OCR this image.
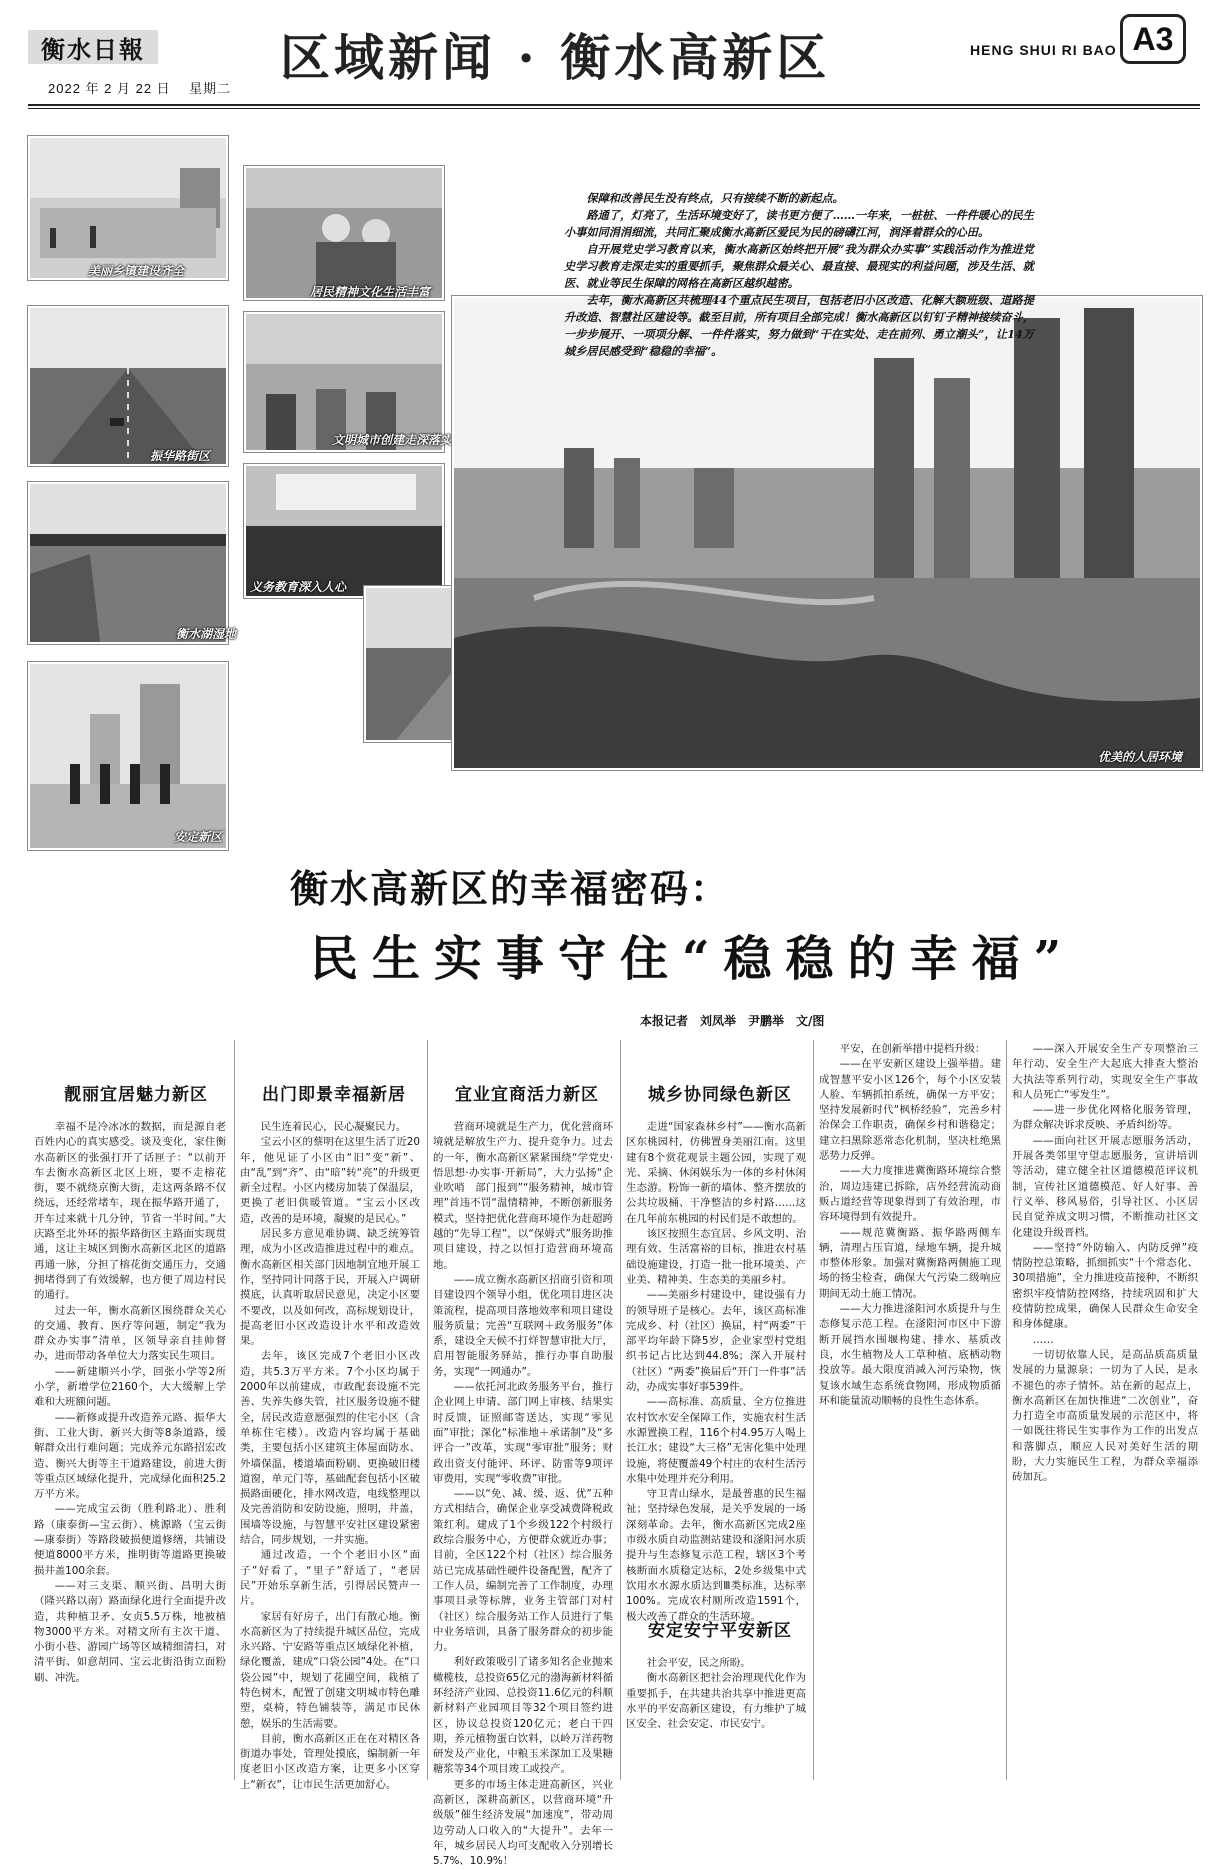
衡水日報
2022 年 2 月 22 日 星期二
区域新闻 · 衡水高新区	HENG SHUI RI BAO A3
美丽乡镇建设齐全
居民精神文化生活丰富
振华路街区
文明城市创建走深落实
衡水湖湿地
义务教育深入人心
优美的人居环境
安定新区

保障和改善民生没有终点，只有接续不断的新起点。

路通了，灯亮了，生活环境变好了，读书更方便了……一年来，一桩桩、一件件暖心的民生小事如同涓涓细流，共同汇聚成衡水高新区爱民为民的磅礴江河，润泽着群众的心田。

自开展党史学习教育以来，衡水高新区始终把开展“我为群众办实事”实践活动作为推进党史学习教育走深走实的重要抓手，聚焦群众最关心、最直接、最现实的利益问题，涉及生活、就医、就业等民生保障的网格在高新区越织越密。

去年，衡水高新区共梳理44个重点民生项目，包括老旧小区改造、化解大额班级、道路提升改造、智慧社区建设等。截至目前，所有项目全部完成！衡水高新区以钉钉子精神接续奋斗，一步步展开、一项项分解、一件件落实，努力做到“干在实处、走在前列、勇立潮头”，让14万城乡居民感受到“稳稳的幸福”。

衡水高新区的幸福密码：
民生实事守住“稳稳的幸福”
本报记者　刘凤举　尹鹏举　文/图
靓丽宜居魅力新区	出门即景幸福新居	宜业宜商活力新区	城乡协同绿色新区
安定安宁平安新区

幸福不是冷冰冰的数据，而是源自老百姓内心的真实感受。谈及变化，家住衡水高新区的张强打开了话匣子：“以前开车去衡水高新区北区上班，要不走榕花街，要不就绕京衡大街，走这两条路不仅绕远，还经常堵车，现在振华路开通了，开车过来就十几分钟，节省一半时间。”大庆路至北外环的振华路街区主路面实现贯通，这让主城区到衡水高新区北区的道路再通一脉，分担了榕花街交通压力，交通拥堵得到了有效缓解，也方便了周边村民的通行。

过去一年，衡水高新区围绕群众关心的交通、教育、医疗等问题，制定“我为群众办实事”清单，区领导亲自挂帅督办，进而带动各单位大力落实民生项目。

——新建顺兴小学，回张小学等2所小学，新增学位2160个，大大缓解上学难和大班额问题。

——新修或提升改造养元路、振华大街、工业大街、新兴大街等8条道路，缓解群众出行难问题；完成养元东路招宏改造、衡兴大街等主干道路建设，前进大街等重点区域绿化提升，完成绿化面积25.2万平方米。

——完成宝云街（胜利路北）、胜利路（康泰街—宝云街）、桃源路（宝云街—康泰街）等路段破损便道修缮，共铺设便道8000平方米，推明街等道路更换破损井盖100余套。

——对三支渠、顺兴街、昌明大街（隆兴路以南）路面绿化进行全面提升改造，共种植卫矛、女贞5.5万株，地被植物3000平方米。对精文所有主次干道、小街小巷、游园广场等区域精细清扫，对清平街、如意胡同、宝云北街沿街立面粉刷、冲洗。

民生连着民心，民心凝聚民力。

宝云小区的蔡明在这里生活了近20年，他见证了小区由“旧”变“新”、由“乱”到“齐”、由“暗”转“亮”的升级更新全过程。小区内楼房加装了保温层，更换了老旧供暖管道。“宝云小区改造，改善的是环境，凝聚的是民心。”

居民多方意见难协调、缺乏统筹管理，成为小区改造推进过程中的难点。衡水高新区相关部门因地制宜地开展工作，坚持同计同落于民，开展入户调研摸底，认真听取居民意见，决定小区要不要改，以及如何改，高标规划设计，提高老旧小区改造设计水平和改造效果。

去年，该区完成7个老旧小区改造，共5.3万平方米。7个小区均属于2000年以前建成，市政配套设施不完善、失养失修失管，社区服务设施不健全，居民改造意愿强烈的住宅小区（含单栋住宅楼）。改造内容均属于基础类，主要包括小区建筑主体屋面防水、外墙保温，楼道墙面粉刷、更换破旧楼道窗，单元门等，基础配套包括小区破损路面硬化，排水网改造，电线整理以及完善消防和安防设施，照明，井盖，围墙等设施，与智慧平安社区建设紧密结合，同步规划，一并实施。

通过改造，一个个老旧小区“面子”好看了，“里子”舒适了，“老居民”开始乐享新生活，引得居民赞声一片。

家居有好房子，出门有散心地。衡水高新区为了持续提升城区品位，完成永兴路、宁安路等重点区域绿化补植，绿化覆盖，建成“口袋公园”4处。在“口袋公园”中，规划了花圃空间，栽植了特色树木，配置了创建文明城市特色雕塑，桌椅，特色铺装等，满足市民休憩，娱乐的生活需要。

目前，衡水高新区正在在对精区各街道办事处，管理处摸底，编制新一年度老旧小区改造方案，让更多小区穿上“新衣”，让市民生活更加舒心。

营商环境就是生产力，优化营商环境就是解放生产力、提升竞争力。过去的一年，衡水高新区紧紧围绕“学党史·悟思想·办实事·开新局”，大力弘扬“企业吹哨　部门报到”“服务精神，城市管理”首违不罚“温情精神，不断创新服务模式，坚持把优化营商环境作为赶超跨越的“先导工程”，以“保姆式”服务助推项目建设，持之以恒打造营商环境高地。

——成立衡水高新区招商引资和项目建设四个领导小组，优化项目进区决策流程，提高项目落地效率和项目建设服务质量；完善“互联网＋政务服务”体系，建设全天候不打烊智慧审批大厅，启用智能服务驿站，推行办事自助服务，实现“一网通办”。

——依托河北政务服务平台，推行企业网上申请、部门网上审核、结果实时反馈，证照邮寄送达，实现“零见面”审批；深化“标准地＋承诺制”及“多评合一”改革，实现“零审批”服务；财政出资支付能评、环评、防雷等9项评审费用，实现“零收费”审批。

——以“免、减、缓、返、优”五种方式相结合，确保企业享受减费降税政策红利。建成了1个乡级122个村级行政综合服务中心，方便群众就近办事；目前，全区122个村（社区）综合服务站已完成基础性硬件设备配置，配齐了工作人员，编制完善了工作制度，办理事项目录等标牌，业务主管部门对村（社区）综合服务站工作人员进行了集中业务培训，具备了服务群众的初步能力。

利好政策吸引了诸多知名企业抛来橄榄枝，总投资65亿元的渤海新材料循环经济产业园、总投资11.6亿元的科顺新材料产业园项目等32个项目签约进区，协议总投资120亿元；老白干四期，养元植物蛋白饮料，以岭万洋药物研发及产业化，中粮玉米深加工及果糖糖浆等34个项目竣工或投产。

更多的市场主体走进高新区，兴业高新区，深耕高新区，以营商环境“升级版”催生经济发展“加速度”，带动周边劳动人口收入的“大提升”。去年一年，城乡居民人均可支配收入分别增长5.7%、10.9%！

走进“国家森林乡村”——衡水高新区东桃园村，仿佛置身美丽江南。这里建有8个赏花观景主题公园，实现了观光、采摘、休闲娱乐为一体的乡村休闲生态游。粉饰一新的墙体、整齐摆放的公共垃圾桶、干净整洁的乡村路……这在几年前东桃园的村民们是不敢想的。

该区按照生态宜居、乡风文明、治理有效、生活富裕的目标，推进农村基础设施建设，打造一批一批环境美、产业美、精神美、生态美的美丽乡村。

——美丽乡村建设中，建设强有力的领导班子是核心。去年，该区高标准完成乡、村（社区）换届，村“两委”干部平均年龄下降5岁，企业家型村党组织书记占比达到44.8%；深入开展村（社区）“两委”换届后“开门一件事”活动，办成实事好事539件。

——高标准、高质量、全方位推进农村饮水安全保障工作，实施农村生活水源置换工程，116个村4.95万人喝上长江水；建设“大三格”无害化集中处理设施，将使覆盖49个村庄的农村生活污水集中处理并充分利用。

守卫青山绿水，是最普惠的民生福祉；坚持绿色发展，是关乎发展的一场深刻革命。去年，衡水高新区完成2座市级水质自动监测站建设和滏阳河水质提升与生态修复示范工程，辖区3个考核断面水质稳定达标，2处乡级集中式饮用水水源水质达到Ⅲ类标准，达标率100%。完成农村厕所改造1591个，极大改善了群众的生活环境。

社会平安，民之所盼。

衡水高新区把社会治理现代化作为重要抓手，在共建共治共享中推进更高水平的平安高新区建设，有力维护了城区安全、社会安定、市民安宁。

平安，在创新举措中提档升级：

——在平安新区建设上强举措。建成智慧平安小区126个，每个小区安装人脸、车辆抓拍系统，确保一方平安；坚持发展新时代“枫桥经验”，完善乡村治保会工作职责，确保乡村和谐稳定；建立扫黑除恶常态化机制，坚决杜绝黑恶势力反弹。

——大力度推进冀衡路环境综合整治，周边违建已拆除，店外经营流动商贩占道经营等现象得到了有效治理，市容环境得到有效提升。

——规范冀衡路、振华路两侧车辆，清理占压盲道，绿地车辆，提升城市整体形象。加强对冀衡路两侧施工现场的扬尘检查，确保大气污染二级响应期间无动土施工情况。

——大力推进滏阳河水质提升与生态修复示范工程。在滏阳河市区中下游断开展挡水围堰构建、排水、基质改良，水生植物及人工草种植、底栖动物投放等。最大限度消减入河污染物，恢复该水域生态系统食物网，形成物质循环和能量流动顺畅的良性生态体系。

——深入开展安全生产专项整治三年行动、安全生产大起底大排查大整治大执法等系列行动，实现安全生产事故和人员死亡“零发生”。

——进一步优化网格化服务管理，为群众解决诉求反映、矛盾纠纷等。

——面向社区开展志愿服务活动，开展各类邻里守望志愿服务，宣讲培训等活动，建立健全社区道德模范评议机制，宣传社区道德模范、好人好事、善行义举、移风易俗，引导社区、小区居民自觉养成文明习惯，不断推动社区文化建设升级晋档。

——坚持“外防输入、内防反弹”疫情防控总策略，抓细抓实“十个常态化、30项措施”，全力推进疫苗接种，不断织密织牢疫情防控网络，持续巩固和扩大疫情防控成果，确保人民群众生命安全和身体健康。

……

一切切依靠人民，是高品质高质量发展的力量源泉；一切为了人民，是永不褪色的赤子情怀。站在新的起点上，衡水高新区在加快推进“二次创业”，奋力打造全市高质量发展的示范区中，将一如既往将民生实事作为工作的出发点和落脚点，顺应人民对美好生活的期盼，大力实施民生工程，为群众幸福添砖加瓦。
